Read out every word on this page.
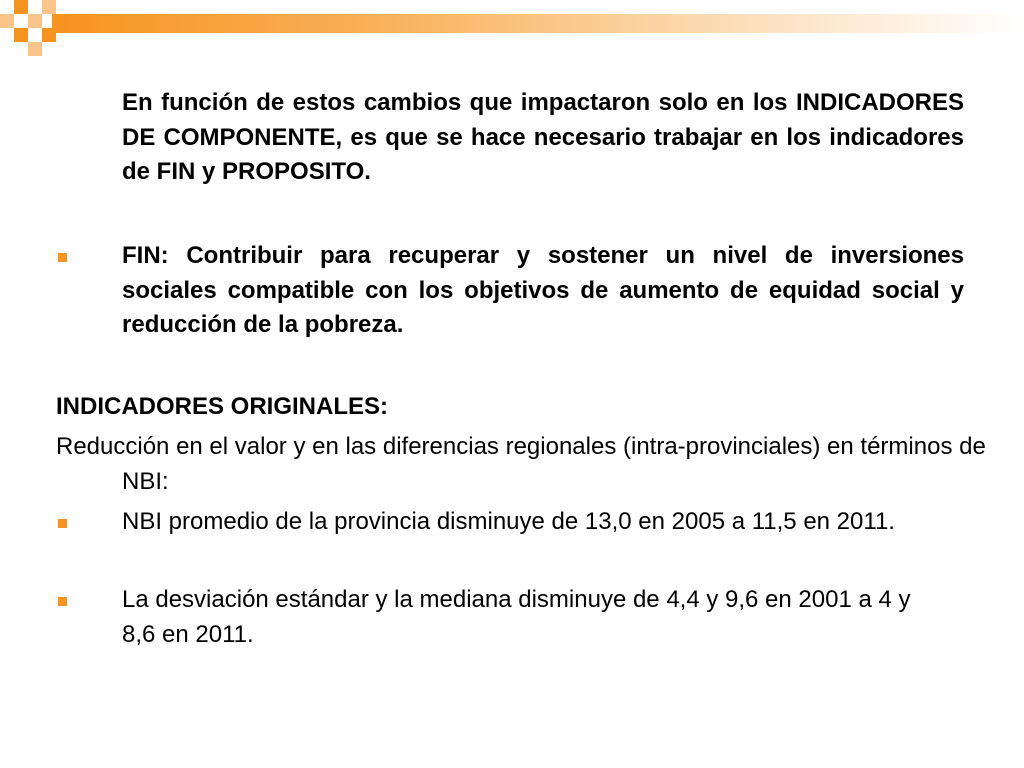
En función de estos cambios que impactaron solo en los INDICADORES DE COMPONENTE, es que se hace necesario trabajar en los indicadores de FIN y PROPOSITO.
FIN: Contribuir para recuperar y sostener un nivel de inversiones sociales compatible con los objetivos de aumento de equidad social y reducción de la pobreza.
INDICADORES ORIGINALES:
Reducción en el valor y en las diferencias regionales (intra-provinciales) en términos de NBI:
NBI promedio de la provincia disminuye de 13,0 en 2005 a 11,5 en 2011.
La desviación estándar y la mediana disminuye de 4,4 y 9,6 en 2001 a 4 y 8,6 en 2011.
